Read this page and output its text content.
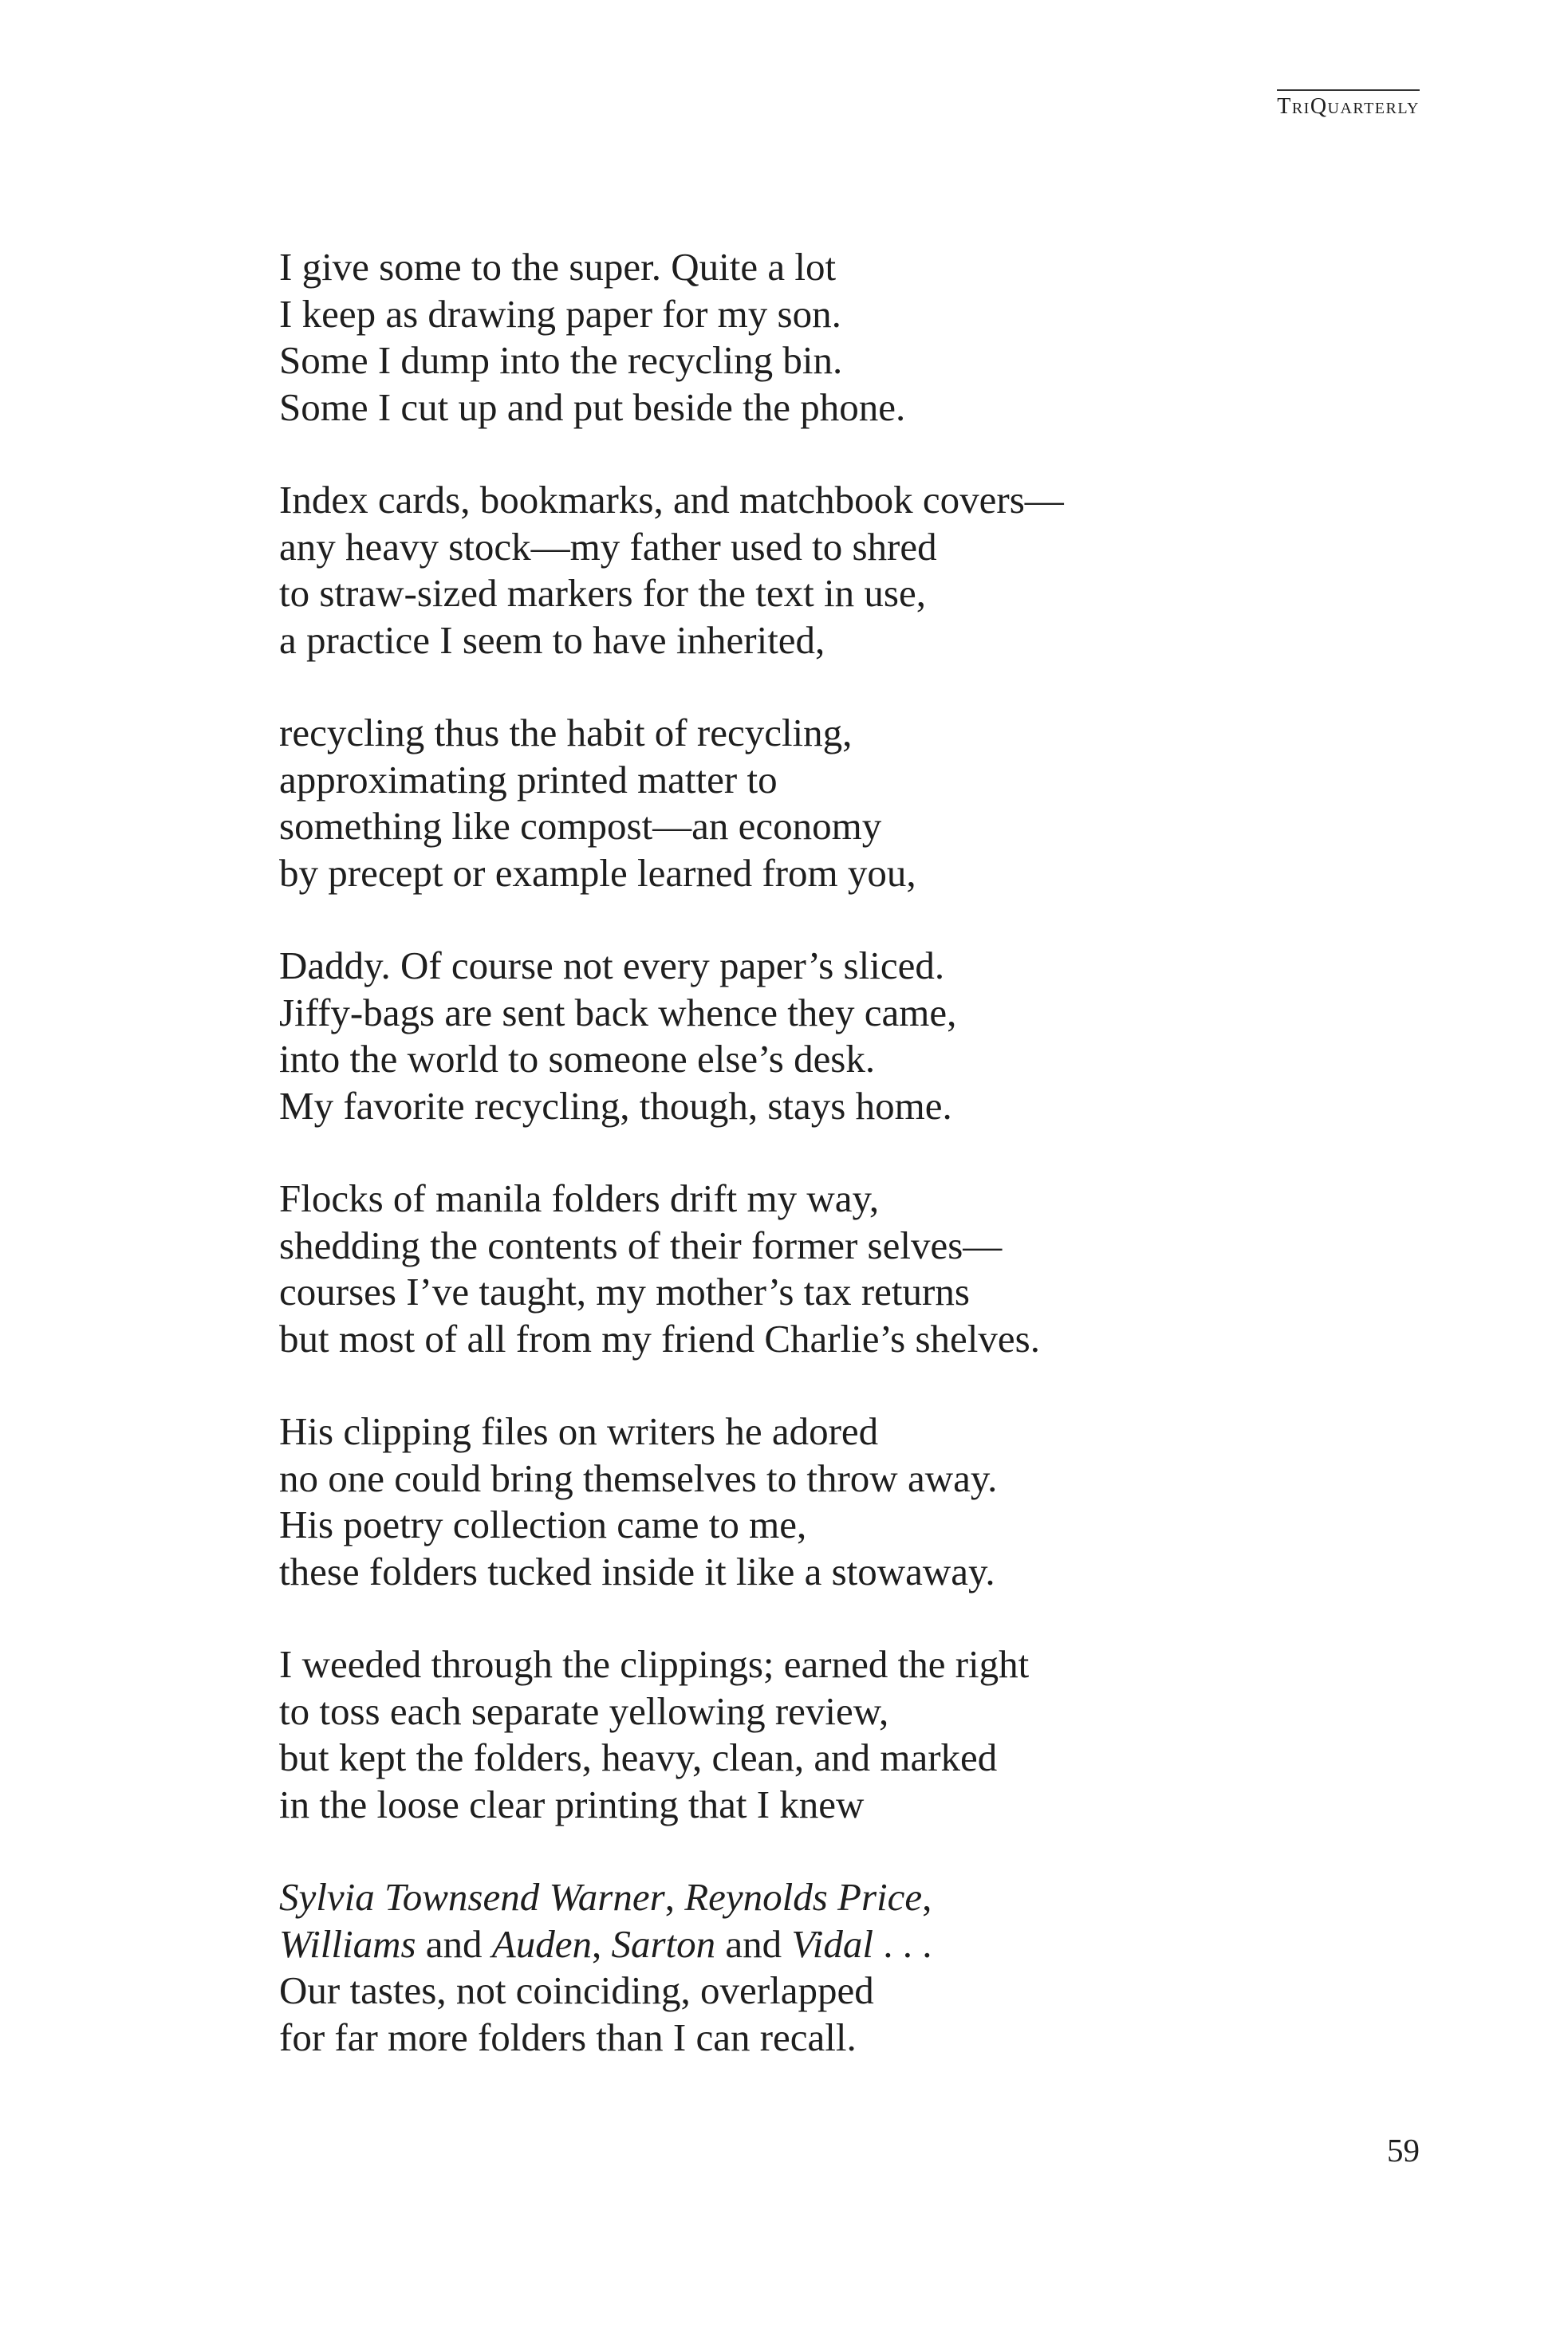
TriQuarterly
I give some to the super. Quite a lot
I keep as drawing paper for my son.
Some I dump into the recycling bin.
Some I cut up and put beside the phone.
Index cards, bookmarks, and matchbook covers—
any heavy stock—my father used to shred
to straw-sized markers for the text in use,
a practice I seem to have inherited,
recycling thus the habit of recycling,
approximating printed matter to
something like compost—an economy
by precept or example learned from you,
Daddy. Of course not every paper’s sliced.
Jiffy-bags are sent back whence they came,
into the world to someone else’s desk.
My favorite recycling, though, stays home.
Flocks of manila folders drift my way,
shedding the contents of their former selves—
courses I’ve taught, my mother’s tax returns
but most of all from my friend Charlie’s shelves.
His clipping files on writers he adored
no one could bring themselves to throw away.
His poetry collection came to me,
these folders tucked inside it like a stowaway.
I weeded through the clippings; earned the right
to toss each separate yellowing review,
but kept the folders, heavy, clean, and marked
in the loose clear printing that I knew
Sylvia Townsend Warner, Reynolds Price,
Williams and Auden, Sarton and Vidal . . .
Our tastes, not coinciding, overlapped
for far more folders than I can recall.
59
